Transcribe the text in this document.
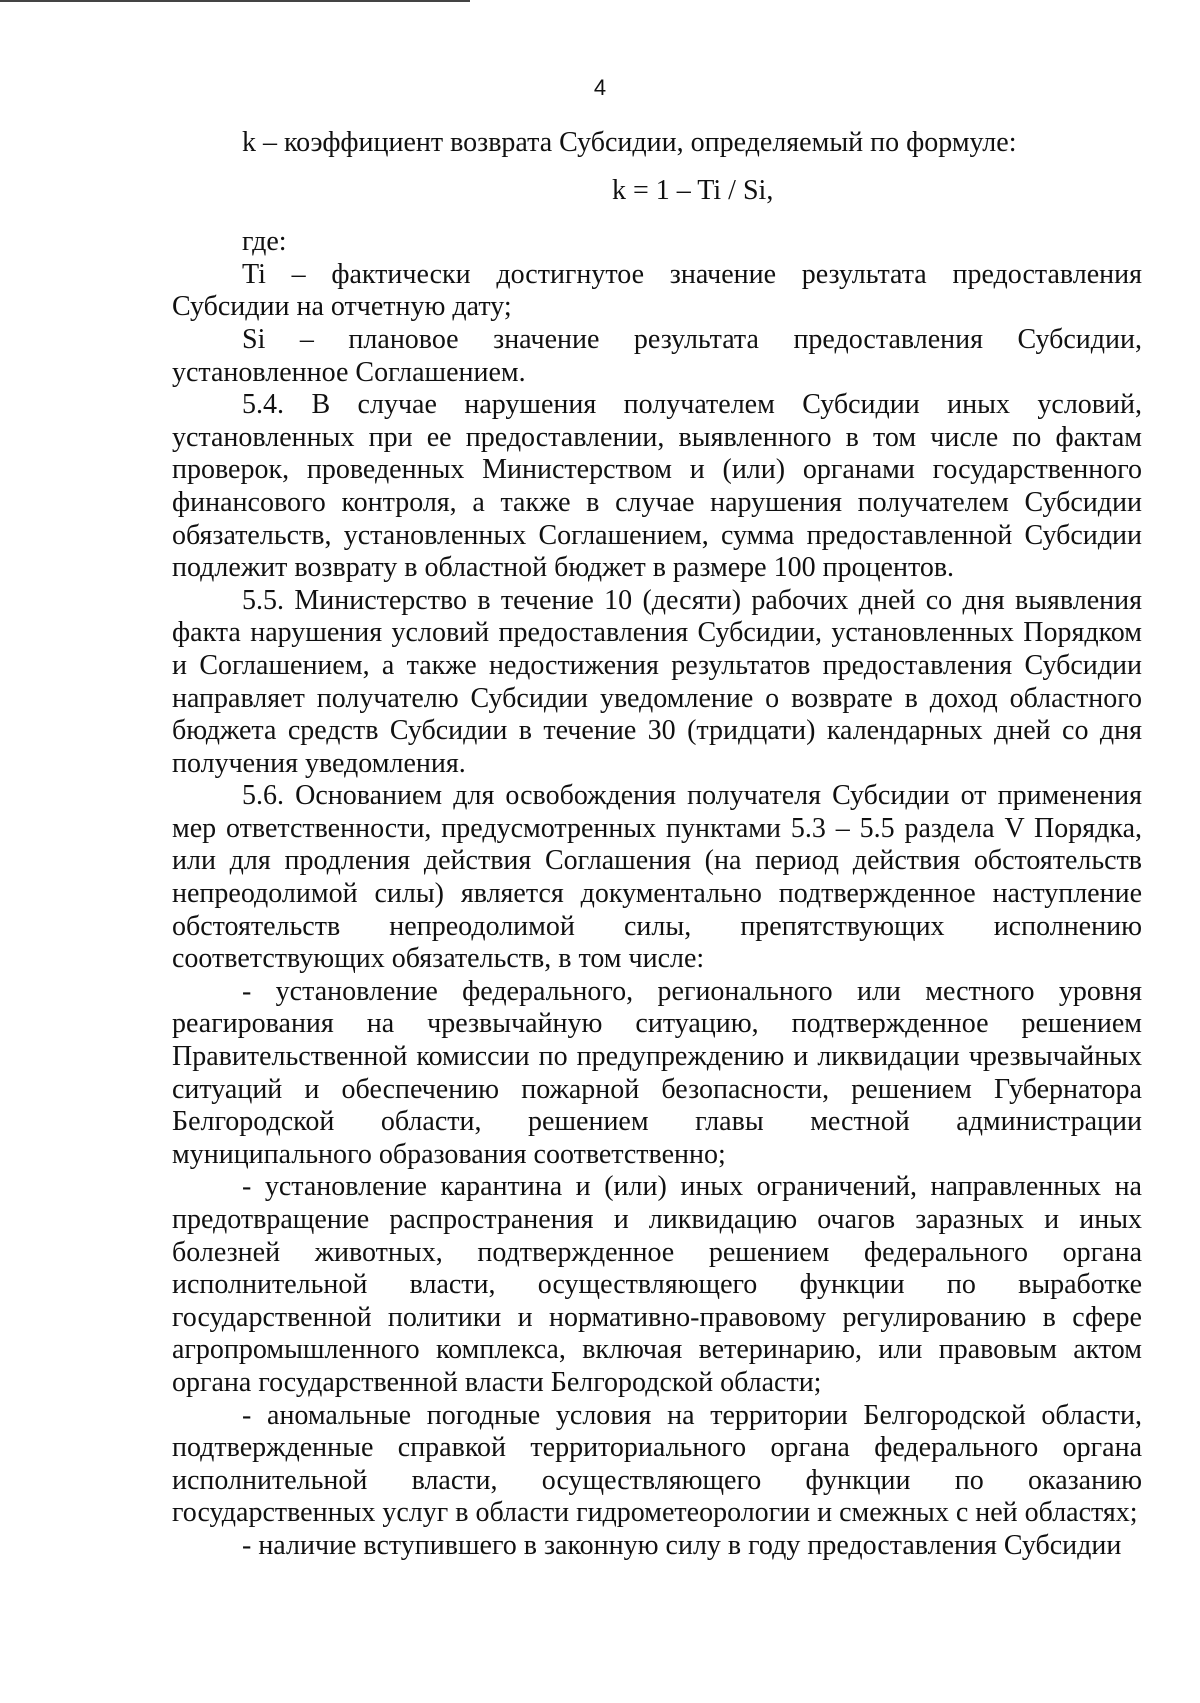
4

k – коэффициент возврата Субсидии, определяемый по формуле:

k = 1 – Ti / Si,

где:

Ti – фактически достигнутое значение результата предоставления Субсидии на отчетную дату;

Si – плановое значение результата предоставления Субсидии, установленное Соглашением.

5.4. В случае нарушения получателем Субсидии иных условий, установленных при ее предоставлении, выявленного в том числе по фактам проверок, проведенных Министерством и (или) органами государственного финансового контроля, а также в случае нарушения получателем Субсидии обязательств, установленных Соглашением, сумма предоставленной Субсидии подлежит возврату в областной бюджет в размере 100 процентов.

5.5. Министерство в течение 10 (десяти) рабочих дней со дня выявления факта нарушения условий предоставления Субсидии, установленных Порядком и Соглашением, а также недостижения результатов предоставления Субсидии направляет получателю Субсидии уведомление о возврате в доход областного бюджета средств Субсидии в течение 30 (тридцати) календарных дней со дня получения уведомления.

5.6. Основанием для освобождения получателя Субсидии от применения мер ответственности, предусмотренных пунктами 5.3 – 5.5 раздела V Порядка, или для продления действия Соглашения (на период действия обстоятельств непреодолимой силы) является документально подтвержденное наступление обстоятельств непреодолимой силы, препятствующих исполнению соответствующих обязательств, в том числе:

- установление федерального, регионального или местного уровня реагирования на чрезвычайную ситуацию, подтвержденное решением Правительственной комиссии по предупреждению и ликвидации чрезвычайных ситуаций и обеспечению пожарной безопасности, решением Губернатора Белгородской области, решением главы местной администрации муниципального образования соответственно;

- установление карантина и (или) иных ограничений, направленных на предотвращение распространения и ликвидацию очагов заразных и иных болезней животных, подтвержденное решением федерального органа исполнительной власти, осуществляющего функции по выработке государственной политики и нормативно-правовому регулированию в сфере агропромышленного комплекса, включая ветеринарию, или правовым актом органа государственной власти Белгородской области;

- аномальные погодные условия на территории Белгородской области, подтвержденные справкой территориального органа федерального органа исполнительной власти, осуществляющего функции по оказанию государственных услуг в области гидрометеорологии и смежных с ней областях;

- наличие вступившего в законную силу в году предоставления Субсидии
